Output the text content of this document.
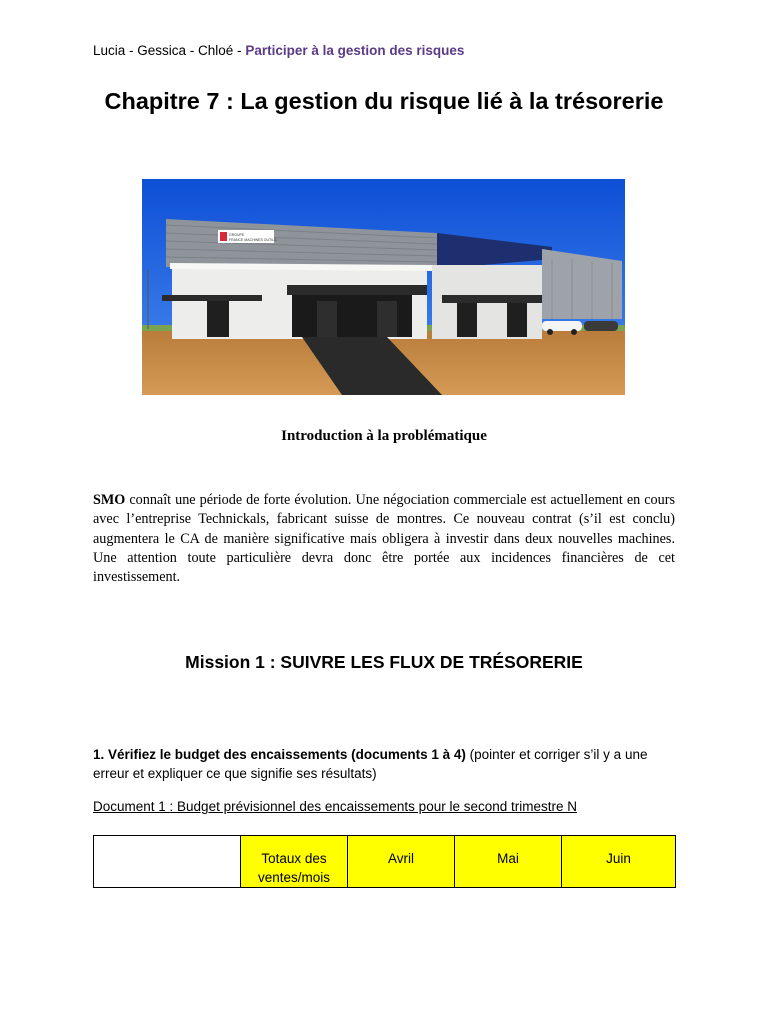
Lucia - Gessica - Chloé - Participer à la gestion des risques
Chapitre 7 : La gestion du risque lié à la trésorerie
GROUPE
FRANCE MACHINES OUTILS
Introduction à la problématique
SMO connaît une période de forte évolution. Une négociation commerciale est actuellement en cours avec l’entreprise Technickals, fabricant suisse de montres. Ce nouveau contrat (s’il est conclu) augmentera le CA de manière significative mais obligera à investir dans deux nouvelles machines. Une attention toute particulière devra donc être portée aux incidences financières de cet investissement.
Mission 1 : SUIVRE LES FLUX DE TRÉSORERIE
1. Vérifiez le budget des encaissements (documents 1 à 4) (pointer et corriger s’il y a une erreur et expliquer ce que signifie ses résultats)
Document 1 : Budget prévisionnel des encaissements pour le second trimestre N
	Totaux des ventes/mois	Avril	Mai	Juin
